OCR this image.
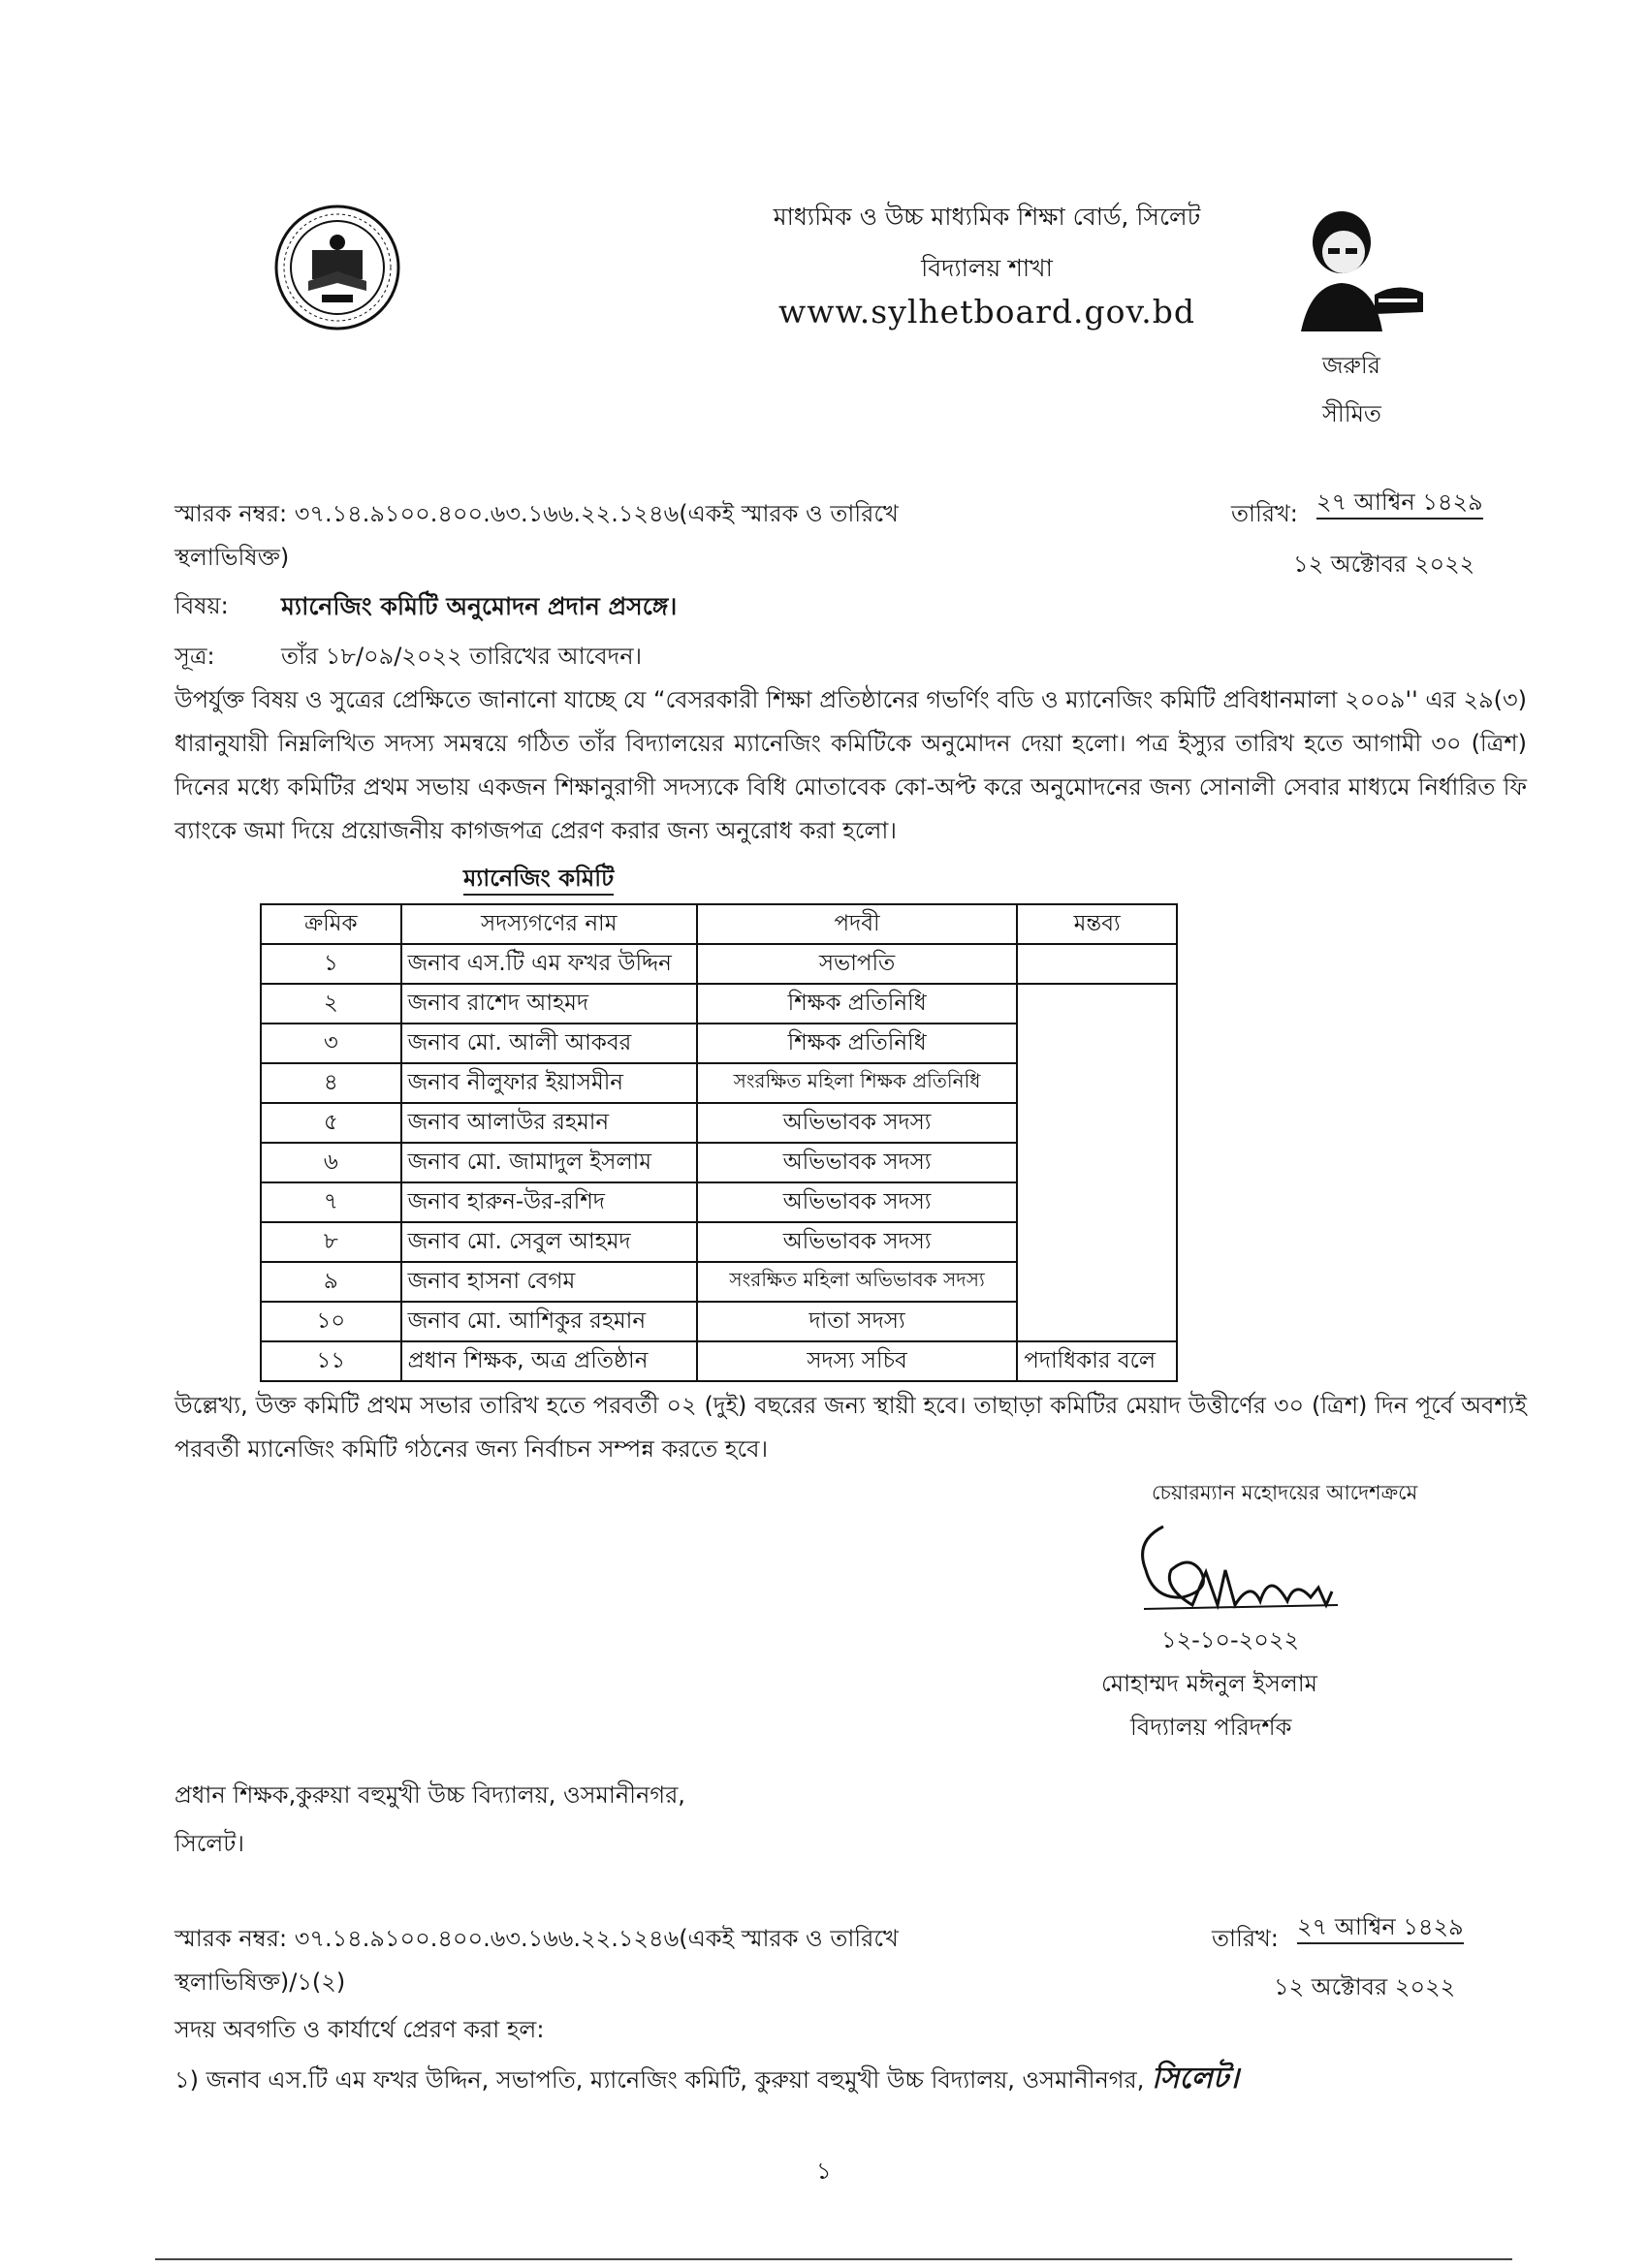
মাধ্যমিক ও উচ্চ মাধ্যমিক শিক্ষা বোর্ড, সিলেট
বিদ্যালয় শাখা
www.sylhetboard.gov.bd
জরুরি
সীমিত
স্মারক নম্বর: ৩৭.১৪.৯১০০.৪০০.৬৩.১৬৬.২২.১২৪৬(একই স্মারক ও তারিখে
স্থলাভিষিক্ত)
তারিখ: ২৭ আশ্বিন ১৪২৯
১২ অক্টোবর ২০২২
বিষয়: ম্যানেজিং কমিটি অনুমোদন প্রদান প্রসঙ্গে।
সূত্র:	তাঁর ১৮/০৯/২০২২ তারিখের আবেদন।
উপর্যুক্ত বিষয় ও সুত্রের প্রেক্ষিতে জানানো যাচ্ছে যে “বেসরকারী শিক্ষা প্রতিষ্ঠানের গভর্ণিং বডি ও ম্যানেজিং কমিটি প্রবিধানমালা ২০০৯'' এর ২৯(৩) ধারানুযায়ী নিম্নলিখিত সদস্য সমন্বয়ে গঠিত তাঁর বিদ্যালয়ের ম্যানেজিং কমিটিকে অনুমোদন দেয়া হলো। পত্র ইস্যুর তারিখ হতে আগামী ৩০ (ত্রিশ) দিনের মধ্যে কমিটির প্রথম সভায় একজন শিক্ষানুরাগী সদস্যকে বিধি মোতাবেক কো-অপ্ট করে অনুমোদনের জন্য সোনালী সেবার মাধ্যমে নির্ধারিত ফি ব্যাংকে জমা দিয়ে প্রয়োজনীয় কাগজপত্র প্রেরণ করার জন্য অনুরোধ করা হলো।
ম্যানেজিং কমিটি
ক্রমিক	সদস্যগণের নাম	পদবী	মন্তব্য
১	জনাব এস.টি এম ফখর উদ্দিন	সভাপতি	
২	জনাব রাশেদ আহমদ	শিক্ষক প্রতিনিধি	
৩	জনাব মো. আলী আকবর	শিক্ষক প্রতিনিধি	
৪	জনাব নীলুফার ইয়াসমীন	সংরক্ষিত মহিলা শিক্ষক প্রতিনিধি	
৫	জনাব আলাউর রহমান	অভিভাবক সদস্য	
৬	জনাব মো. জামাদুল ইসলাম	অভিভাবক সদস্য	
৭	জনাব হারুন-উর-রশিদ	অভিভাবক সদস্য	
৮	জনাব মো. সেবুল আহমদ	অভিভাবক সদস্য	
৯	জনাব হাসনা বেগম	সংরক্ষিত মহিলা অভিভাবক সদস্য	
১০	জনাব মো. আশিকুর রহমান	দাতা সদস্য	
১১	প্রধান শিক্ষক, অত্র প্রতিষ্ঠান	সদস্য সচিব	পদাধিকার বলে
উল্লেখ্য, উক্ত কমিটি প্রথম সভার তারিখ হতে পরবর্তী ০২ (দুই) বছরের জন্য স্থায়ী হবে। তাছাড়া কমিটির মেয়াদ উত্তীর্ণের ৩০ (ত্রিশ) দিন পূর্বে অবশ্যই পরবর্তী ম্যানেজিং কমিটি গঠনের জন্য নির্বাচন সম্পন্ন করতে হবে।
চেয়ারম্যান মহোদয়ের আদেশক্রমে
১২-১০-২০২২
মোহাম্মদ মঈনুল ইসলাম
বিদ্যালয় পরিদর্শক
প্রধান শিক্ষক,কুরুয়া বহুমুখী উচ্চ বিদ্যালয়, ওসমানীনগর,
সিলেট।
স্মারক নম্বর: ৩৭.১৪.৯১০০.৪০০.৬৩.১৬৬.২২.১২৪৬(একই স্মারক ও তারিখে
স্থলাভিষিক্ত)/১(২)
তারিখ: ২৭ আশ্বিন ১৪২৯
১২ অক্টোবর ২০২২
সদয় অবগতি ও কার্যার্থে প্রেরণ করা হল:
১) জনাব এস.টি এম ফখর উদ্দিন, সভাপতি, ম্যানেজিং কমিটি, কুরুয়া বহুমুখী উচ্চ বিদ্যালয়, ওসমানীনগর, সিলেট।
১
